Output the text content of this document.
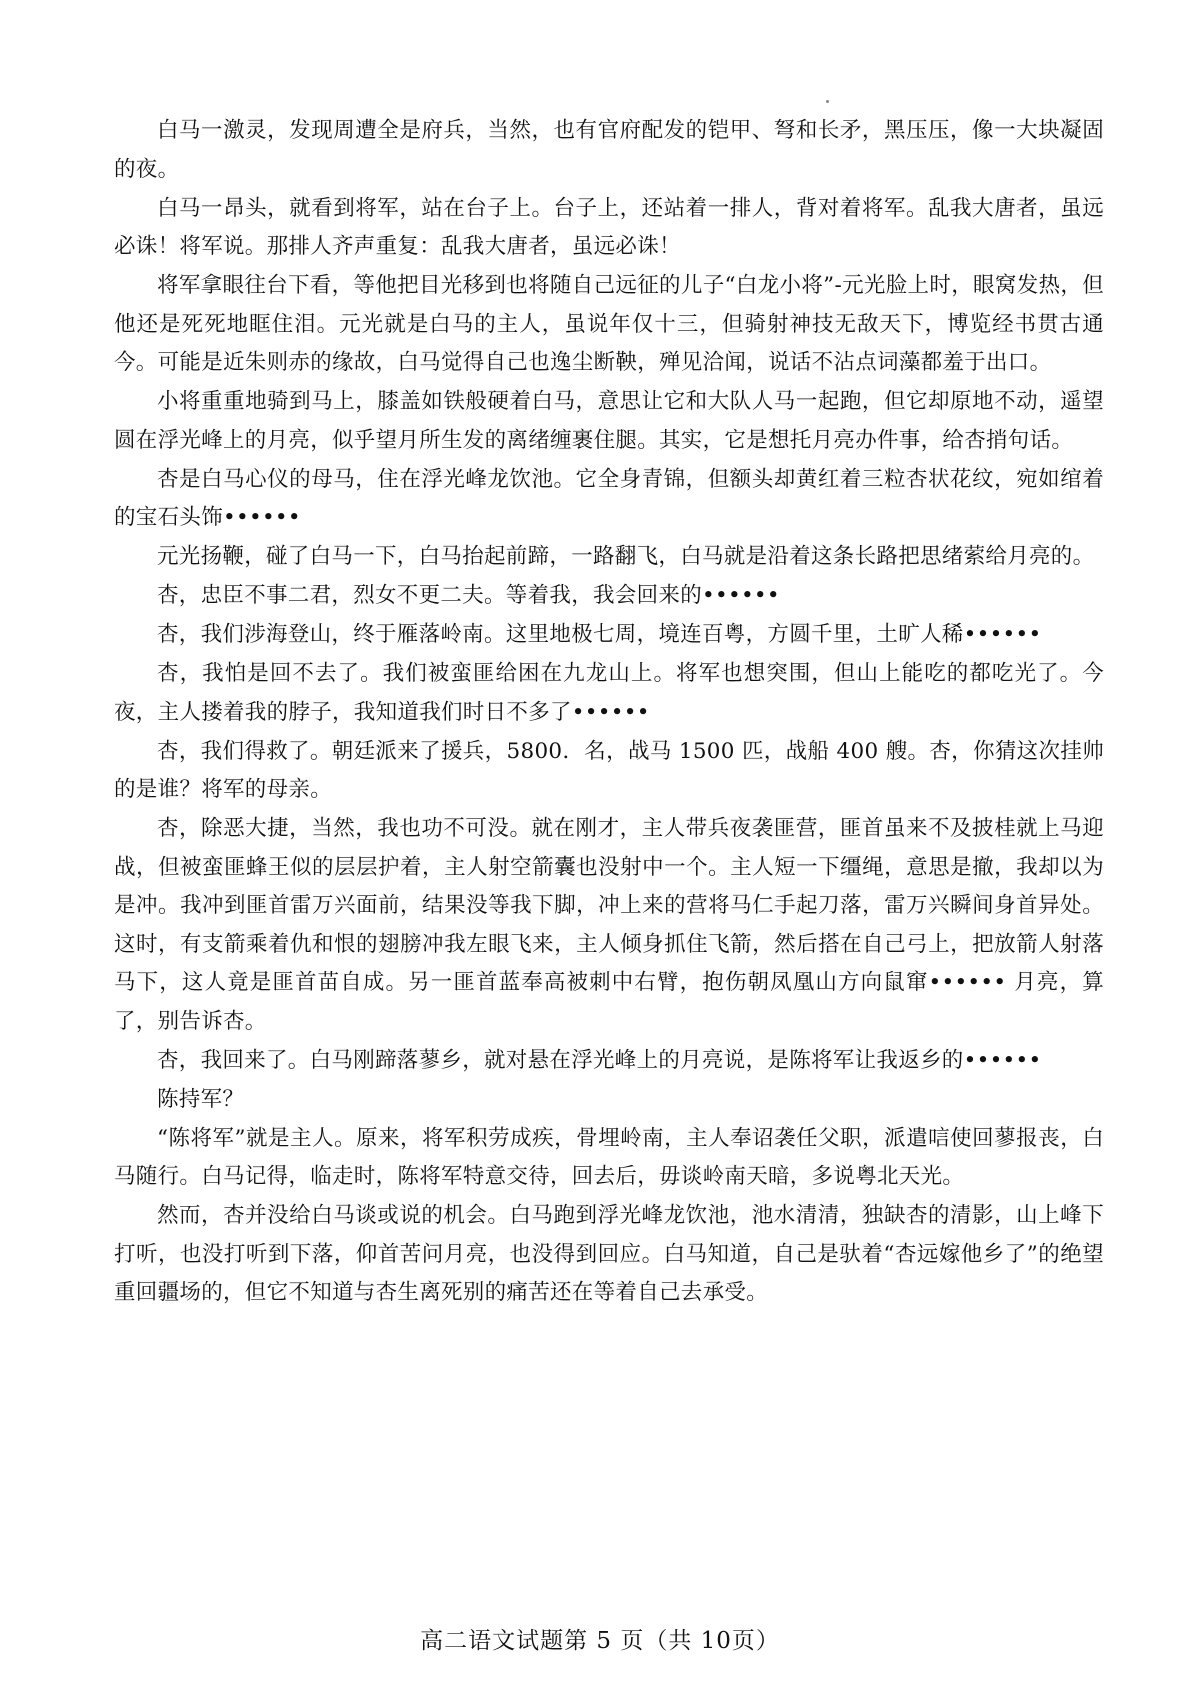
白马一激灵，发现周遭全是府兵，当然，也有官府配发的铠甲、弩和长矛，黑压压，像一大块凝固的夜。

白马一昂头，就看到将军，站在台子上。台子上，还站着一排人，背对着将军。乱我大唐者，虽远必诛！将军说。那排人齐声重复：乱我大唐者，虽远必诛！

将军拿眼往台下看，等他把目光移到也将随自己远征的儿子“白龙小将”-元光脸上时，眼窝发热，但他还是死死地眶住泪。元光就是白马的主人，虽说年仅十三，但骑射神技无敌天下，博览经书贯古通今。可能是近朱则赤的缘故，白马觉得自己也逸尘断鞅，殚见洽闻，说话不沾点词藻都羞于出口。

小将重重地骑到马上，膝盖如铁般硬着白马，意思让它和大队人马一起跑，但它却原地不动，遥望圆在浮光峰上的月亮，似乎望月所生发的离绪缠裹住腿。其实，它是想托月亮办件事，给杏捎句话。

杏是白马心仪的母马，住在浮光峰龙饮池。它全身青锦，但额头却黄红着三粒杏状花纹，宛如绾着的宝石头饰••••••

元光扬鞭，碰了白马一下，白马抬起前蹄，一路翻飞，白马就是沿着这条长路把思绪萦给月亮的。

杏，忠臣不事二君，烈女不更二夫。等着我，我会回来的••••••

杏，我们涉海登山，终于雁落岭南。这里地极七周，境连百粤，方圆千里，土旷人稀••••••

杏，我怕是回不去了。我们被蛮匪给困在九龙山上。将军也想突围，但山上能吃的都吃光了。今夜，主人搂着我的脖子，我知道我们时日不多了••••••

杏，我们得救了。朝廷派来了援兵，5800．名，战马 1500 匹，战船 400 艘。杏，你猜这次挂帅的是谁？将军的母亲。

杏，除恶大捷，当然，我也功不可没。就在刚才，主人带兵夜袭匪营，匪首虽来不及披桂就上马迎战，但被蛮匪蜂王似的层层护着，主人射空箭囊也没射中一个。主人短一下缰绳，意思是撤，我却以为是冲。我冲到匪首雷万兴面前，结果没等我下脚，冲上来的营将马仁手起刀落，雷万兴瞬间身首异处。这时，有支箭乘着仇和恨的翅膀冲我左眼飞来，主人倾身抓住飞箭，然后搭在自己弓上，把放箭人射落马下，这人竟是匪首苗自成。另一匪首蓝奉高被刺中右臂，抱伤朝凤凰山方向鼠窜•••••• 月亮，算了，别告诉杏。

杏，我回来了。白马刚蹄落蓼乡，就对悬在浮光峰上的月亮说，是陈将军让我返乡的••••••

陈持军？

“陈将军”就是主人。原来，将军积劳成疾，骨埋岭南，主人奉诏袭任父职，派遣唁使回蓼报丧，白马随行。白马记得，临走时，陈将军特意交待，回去后，毋谈岭南天暗，多说粤北天光。

然而，杏并没给白马谈或说的机会。白马跑到浮光峰龙饮池，池水清清，独缺杏的清影，山上峰下打听，也没打听到下落，仰首苦问月亮，也没得到回应。白马知道，自己是驮着“杏远嫁他乡了”的绝望重回疆场的，但它不知道与杏生离死别的痛苦还在等着自己去承受。

高二语文试题第 5 页（共 10页）
